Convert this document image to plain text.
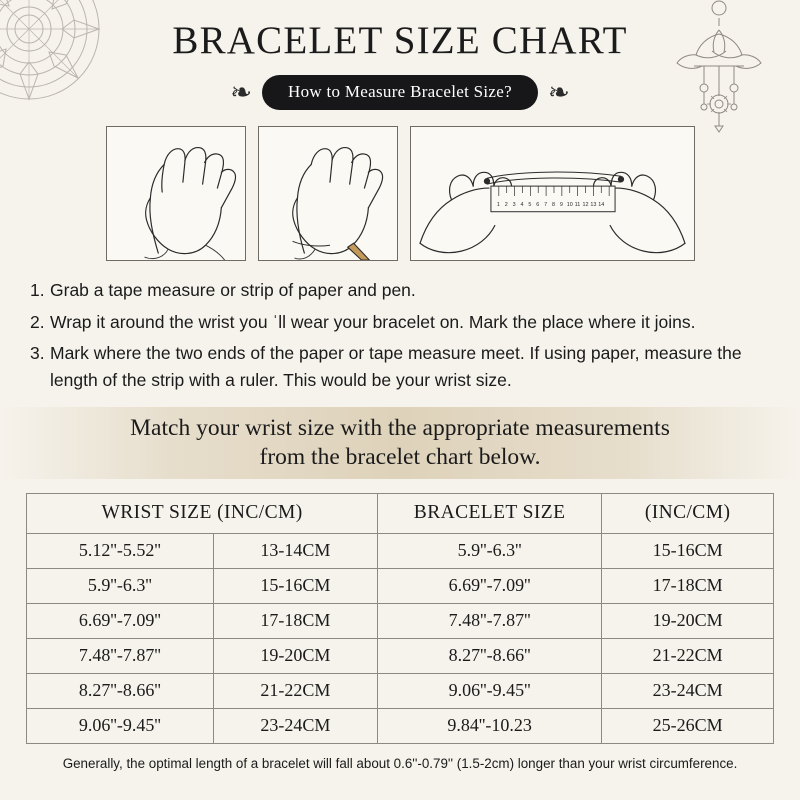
BRACELET SIZE CHART
❧	How to Measure Bracelet Size?	❧
1 2 3 4 5 6 7 8 9 10 11 12 13 14
1. Grab a tape measure or strip of paper and pen.
2. Wrap it around the wrist you ˈll wear your bracelet on. Mark the place where it joins.
3. Mark where the two ends of the paper or tape measure meet. If using paper, measure the length of the strip with a ruler. This would be your wrist size.
Match your wrist size with the appropriate measurements
from the bracelet chart below.
WRIST SIZE (INC/CM)		BRACELET SIZE	(INC/CM)
5.12''-5.52''	13-14CM	5.9''-6.3''	15-16CM
5.9''-6.3''	15-16CM	6.69''-7.09''	17-18CM
6.69''-7.09''	17-18CM	7.48''-7.87''	19-20CM
7.48''-7.87''	19-20CM	8.27''-8.66''	21-22CM
8.27''-8.66''	21-22CM	9.06''-9.45''	23-24CM
9.06''-9.45''	23-24CM	9.84''-10.23	25-26CM
Generally, the optimal length of a bracelet will fall about 0.6''-0.79'' (1.5-2cm) longer than your wrist circumference.
